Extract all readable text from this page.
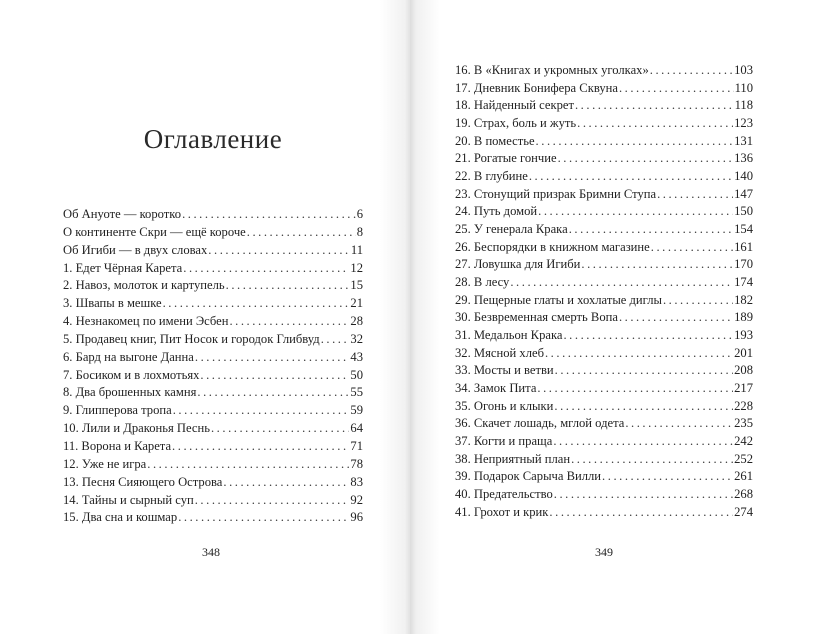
Оглавление
Об Ануоте — коротко . . .	6
О континенте Скри — ещё короче . . .	8
Об Игиби — в двух словах . . .	11
1. Едет Чёрная Карета . . .	12
2. Навоз, молоток и картупель . . .	15
3. Швапы в мешке . . .	21
4. Незнакомец по имени Эсбен . . .	28
5. Продавец книг, Пит Носок и городок Глибвуд . . . 32
6. Бард на выгоне Данна . . .	43
7. Босиком и в лохмотьях . . .	50
8. Два брошенных камня . . .	55
9. Глипперова тропа . . .	59
10. Лили и Драконья Песнь . . .	64
11. Ворона и Карета . . .	71
12. Уже не игра . . .	78
13. Песня Сияющего Острова . . .	83
14. Тайны и сырный суп . . .	92
15. Два сна и кошмар . . .	96
348
16. В «Книгах и укромных уголках» . . .	103
17. Дневник Бонифера Сквуна . . .	110
18. Найденный секрет . . .	118
19. Страх, боль и жуть . . .	123
20. В поместье . . .	131
21. Рогатые гончие . . .	136
22. В глубине . . .	140
23. Стонущий призрак Бримни Ступа . . .	147
24. Путь домой . . .	150
25. У генерала Крака . . .	154
26. Беспорядки в книжном магазине . . .	161
27. Ловушка для Игиби . . .	170
28. В лесу . . .	174
29. Пещерные глаты и хохлатые диглы . . .	182
30. Безвременная смерть Вопа . . .	189
31. Медальон Крака . . .	193
32. Мясной хлеб . . .	201
33. Мосты и ветви . . .	208
34. Замок Пита . . .	217
35. Огонь и клыки . . .	228
36. Скачет лошадь, мглой одета . . .	235
37. Когти и праща . . .	242
38. Неприятный план . . .	252
39. Подарок Сарыча Вилли . . .	261
40. Предательство . . .	268
41. Грохот и крик . . .	274
349
